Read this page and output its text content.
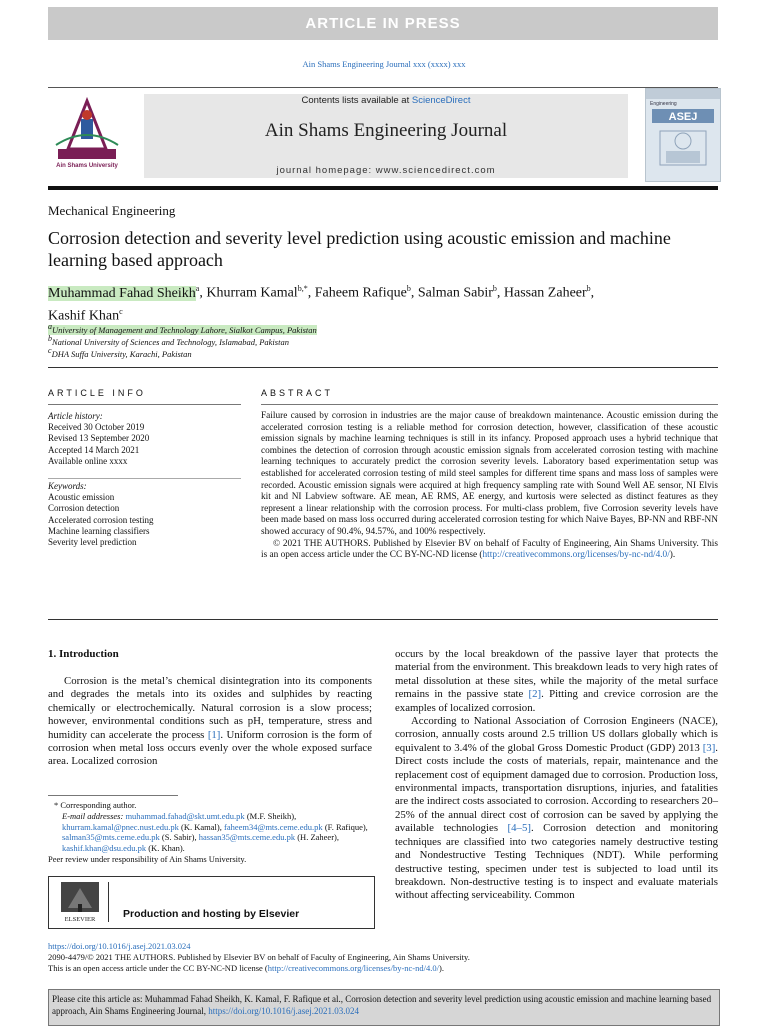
ARTICLE IN PRESS
Ain Shams Engineering Journal xxx (xxxx) xxx
Ain Shams University
Contents lists available at ScienceDirect
Ain Shams Engineering Journal
journal homepage: www.sciencedirect.com
Engineering
ASEJ
Mechanical Engineering
Corrosion detection and severity level prediction using acoustic emission and machine learning based approach
Muhammad Fahad Sheikh$^a$, Khurram Kamal$^{b,*}$, Faheem Rafique$^b$, Salman Sabir$^b$, Hassan Zaheer$^b$,
Kashif Khan$^c$
$^a$University of Management and Technology Lahore, Sialkot Campus, Pakistan
$^b$National University of Sciences and Technology, Islamabad, Pakistan
$^c$DHA Suffa University, Karachi, Pakistan
ARTICLE INFO
Article history:
Received 30 October 2019
Revised 13 September 2020
Accepted 14 March 2021
Available online xxxx
Keywords:
Acoustic emission
Corrosion detection
Accelerated corrosion testing
Machine learning classifiers
Severity level prediction
ABSTRACT
Failure caused by corrosion in industries are the major cause of breakdown maintenance. Acoustic emission during the accelerated corrosion testing is a reliable method for corrosion detection, however, classification of these acoustic emission signals by machine learning techniques is still in its infancy. Proposed approach uses a hybrid technique that combines the detection of corrosion through acoustic emission signals from accelerated corrosion testing with machine learning techniques to accurately predict the corrosion severity levels. Laboratory based experimentation setup was established for accelerated corrosion testing of mild steel samples for different time spans and mass loss of samples were recorded. Acoustic emission signals were acquired at high frequency sampling rate with Sound Well AE sensor, NI Elvis kit and NI Labview software. AE mean, AE RMS, AE energy, and kurtosis were selected as distinct features as they represent a linear relationship with the corrosion process. For multi-class problem, five Corrosion severity levels have been made based on mass loss occurred during accelerated corrosion testing for which Naive Bayes, BP-NN and RBF-NN showed accuracy of 90.4%, 94.57%, and 100% respectively.
© 2021 THE AUTHORS. Published by Elsevier BV on behalf of Faculty of Engineering, Ain Shams University. This is an open access article under the CC BY-NC-ND license (http://creativecommons.org/licenses/by-nc-nd/4.0/).
1. Introduction
Corrosion is the metal’s chemical disintegration into its components and degrades the metals into its oxides and sulphides by reacting chemically or electrochemically. Natural corrosion is a slow process; however, environmental conditions such as pH, temperature, stress and humidity can accelerate the process [1]. Uniform corrosion is the form of corrosion when metal loss occurs evenly over the whole exposed surface area. Localized corrosion
occurs by the local breakdown of the passive layer that protects the material from the environment. This breakdown leads to very high rates of metal dissolution at these sites, while the majority of the metal surface remains in the passive state [2]. Pitting and crevice corrosion are the examples of localized corrosion.
According to National Association of Corrosion Engineers (NACE), corrosion, annually costs around 2.5 trillion US dollars globally which is equivalent to 3.4% of the global Gross Domestic Product (GDP) 2013 [3]. Direct costs include the costs of materials, repair, maintenance and the replacement cost of equipment damaged due to corrosion. Production loss, environmental impacts, transportation disruptions, injuries, and fatalities are the indirect costs associated to corrosion. According to researchers 20–25% of the annual direct cost of corrosion can be saved by applying the available technologies [4–5]. Corrosion detection and monitoring techniques are classified into two categories namely destructive testing and Nondestructive Testing Techniques (NDT). While performing destructive testing, specimen under test is subjected to load until its breakdown. Non-destructive testing is to inspect and evaluate materials without affecting serviceability. Common
* Corresponding author.
E-mail addresses: muhammad.fahad@skt.umt.edu.pk (M.F. Sheikh), khurram.kamal@pnec.nust.edu.pk (K. Kamal), faheem34@mts.ceme.edu.pk (F. Rafique), salman35@mts.ceme.edu.pk (S. Sabir), hassan35@mts.ceme.edu.pk (H. Zaheer), kashif.khan@dsu.edu.pk (K. Khan).
Peer review under responsibility of Ain Shams University.
ELSEVIER	Production and hosting by Elsevier
https://doi.org/10.1016/j.asej.2021.03.024
2090-4479/© 2021 THE AUTHORS. Published by Elsevier BV on behalf of Faculty of Engineering, Ain Shams University.
This is an open access article under the CC BY-NC-ND license (http://creativecommons.org/licenses/by-nc-nd/4.0/).
Please cite this article as: Muhammad Fahad Sheikh, K. Kamal, F. Rafique et al., Corrosion detection and severity level prediction using acoustic emission and machine learning based approach, Ain Shams Engineering Journal, https://doi.org/10.1016/j.asej.2021.03.024
